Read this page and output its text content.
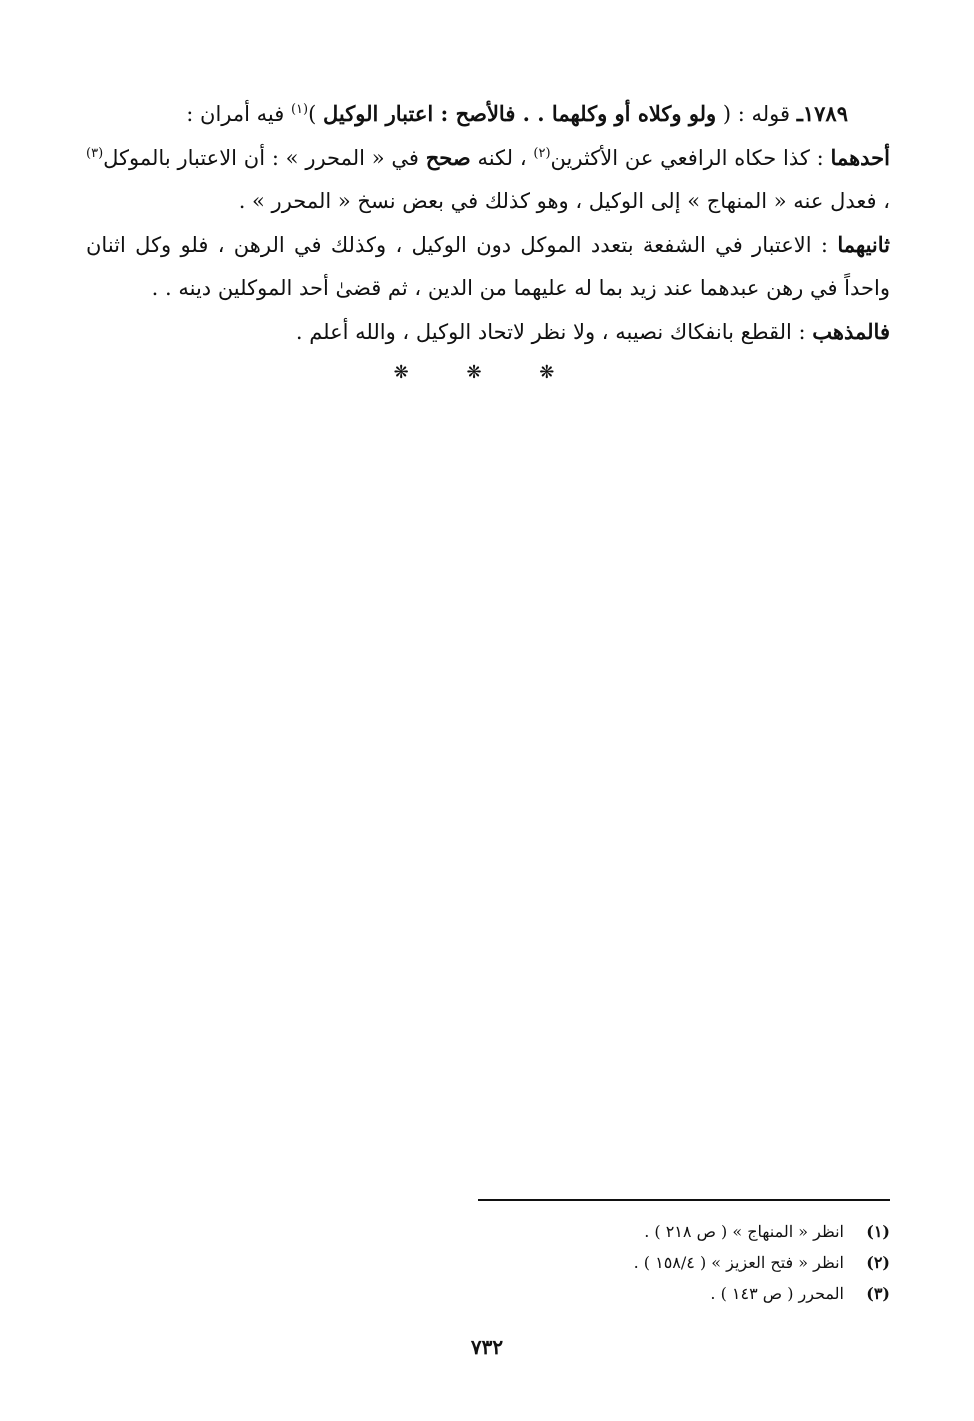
١٧٨٩ـ قوله : ( ولو وكلاه أو وكلهما . . فالأصح : اعتبار الوكيل )$^{(١)}$ فيه أمران :

أحدهما : كذا حكاه الرافعي عن الأكثرين$^{(٢)}$ ، لكنه صحح في « المحرر » : أن الاعتبار بالموكل$^{(٣)}$ ، فعدل عنه « المنهاج » إلى الوكيل ، وهو كذلك في بعض نسخ « المحرر » .

ثانيهما : الاعتبار في الشفعة بتعدد الموكل دون الوكيل ، وكذلك في الرهن ، فلو وكل اثنان واحداً في رهن عبدهما عند زيد بما له عليهما من الدين ، ثم قضىٰ أحد الموكلين دينه . .

فالمذهب : القطع بانفكاك نصيبه ، ولا نظر لاتحاد الوكيل ، والله أعلم .

❋ ❋ ❋
(١)
انظر « المنهاج » ( ص ٢١٨ ) .
(٢)
انظر « فتح العزيز » ( ١٥٨/٤ ) .
(٣)
المحرر ( ص ١٤٣ ) .
٧٣٢
